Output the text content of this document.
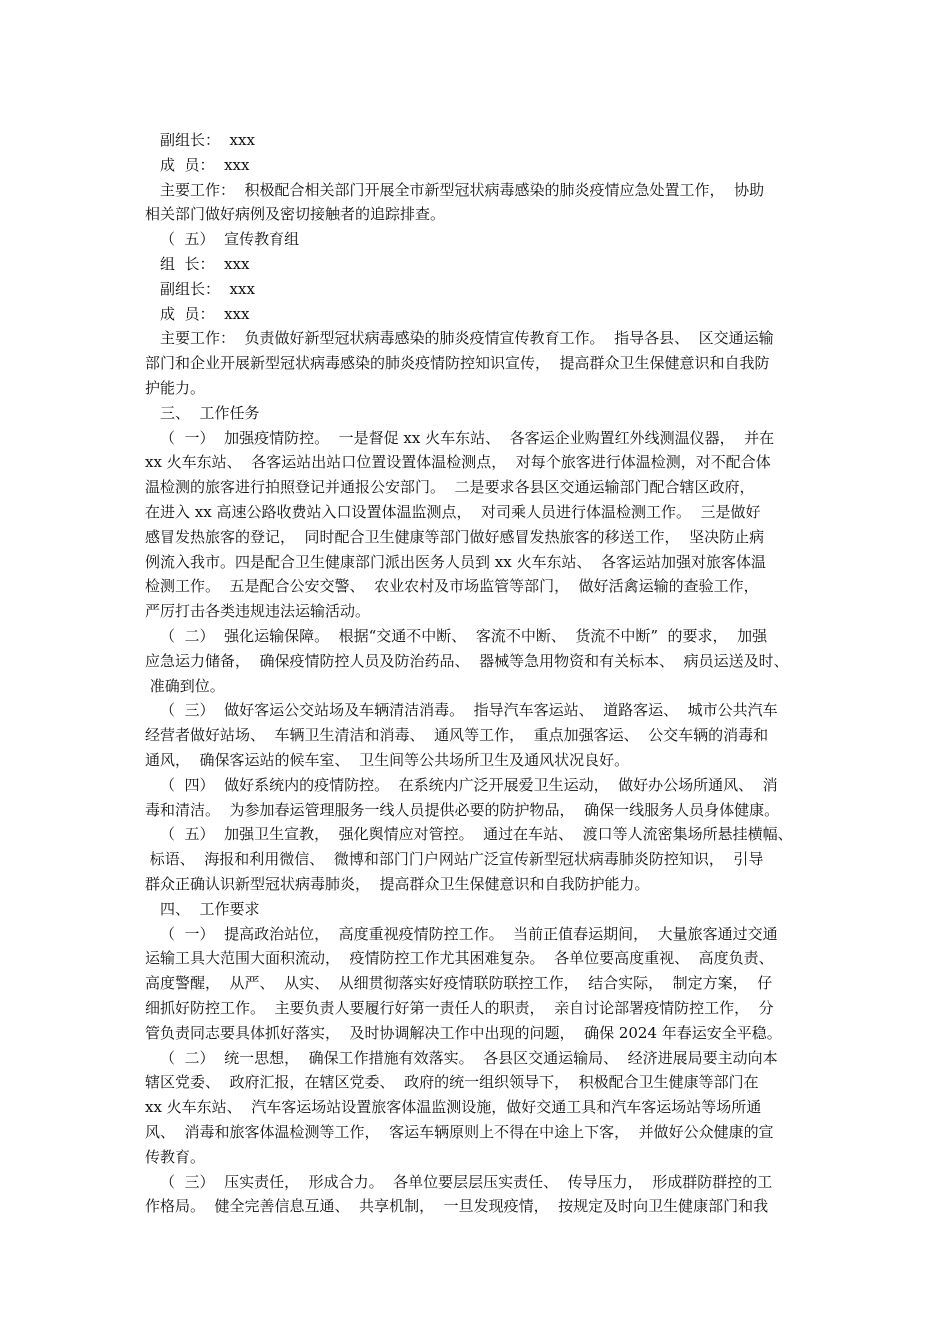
副组长：  xxx
成  员：  xxx
主要工作：  积极配合相关部门开展全市新型冠状病毒感染的肺炎疫情应急处置工作，  协助
相关部门做好病例及密切接触者的追踪排查。
（  五）  宣传教育组
组  长：  xxx
副组长：  xxx
成  员：  xxx
主要工作：  负责做好新型冠状病毒感染的肺炎疫情宣传教育工作。  指导各县、  区交通运输
部门和企业开展新型冠状病毒感染的肺炎疫情防控知识宣传，  提高群众卫生保健意识和自我防
护能力。
三、  工作任务
（  一）  加强疫情防控。  一是督促 xx 火车东站、  各客运企业购置红外线测温仪器，  并在
xx 火车东站、  各客运站出站口位置设置体温检测点，  对每个旅客进行体温检测，对不配合体
温检测的旅客进行拍照登记并通报公安部门。  二是要求各县区交通运输部门配合辖区政府，
在进入 xx 高速公路收费站入口设置体温监测点，  对司乘人员进行体温检测工作。  三是做好
感冒发热旅客的登记，  同时配合卫生健康等部门做好感冒发热旅客的移送工作，  坚决防止病
例流入我市。四是配合卫生健康部门派出医务人员到 xx 火车东站、  各客运站加强对旅客体温
检测工作。  五是配合公安交警、  农业农村及市场监管等部门，  做好活禽运输的查验工作，
严厉打击各类违规违法运输活动。
（  二）  强化运输保障。  根据“交通不中断、  客流不中断、  货流不中断”  的要求，  加强
应急运力储备，  确保疫情防控人员及防治药品、  器械等急用物资和有关标本、  病员运送及时、
准确到位。
（  三）  做好客运公交站场及车辆清洁消毒。  指导汽车客运站、  道路客运、  城市公共汽车
经营者做好站场、  车辆卫生清洁和消毒、  通风等工作，  重点加强客运、  公交车辆的消毒和
通风，  确保客运站的候车室、  卫生间等公共场所卫生及通风状况良好。
（  四）  做好系统内的疫情防控。  在系统内广泛开展爱卫生运动，  做好办公场所通风、  消
毒和清洁。  为参加春运管理服务一线人员提供必要的防护物品，  确保一线服务人员身体健康。
（  五）  加强卫生宣教，  强化舆情应对管控。  通过在车站、  渡口等人流密集场所悬挂横幅、
标语、  海报和利用微信、  微博和部门门户网站广泛宣传新型冠状病毒肺炎防控知识，  引导
群众正确认识新型冠状病毒肺炎，  提高群众卫生保健意识和自我防护能力。
四、  工作要求
（  一）  提高政治站位，  高度重视疫情防控工作。  当前正值春运期间，  大量旅客通过交通
运输工具大范围大面积流动，  疫情防控工作尤其困难复杂。  各单位要高度重视、  高度负责、
高度警醒，  从严、  从实、  从细贯彻落实好疫情联防联控工作，  结合实际，  制定方案，  仔
细抓好防控工作。  主要负责人要履行好第一责任人的职责，  亲自讨论部署疫情防控工作，  分
管负责同志要具体抓好落实，  及时协调解决工作中出现的问题，  确保 2024 年春运安全平稳。
（  二）  统一思想，  确保工作措施有效落实。  各县区交通运输局、  经济进展局要主动向本
辖区党委、  政府汇报，在辖区党委、  政府的统一组织领导下，  积极配合卫生健康等部门在
xx 火车东站、  汽车客运场站设置旅客体温监测设施，做好交通工具和汽车客运场站等场所通
风、  消毒和旅客体温检测等工作，  客运车辆原则上不得在中途上下客，  并做好公众健康的宣
传教育。
（  三）  压实责任，  形成合力。  各单位要层层压实责任、  传导压力，  形成群防群控的工
作格局。  健全完善信息互通、  共享机制，  一旦发现疫情，  按规定及时向卫生健康部门和我
